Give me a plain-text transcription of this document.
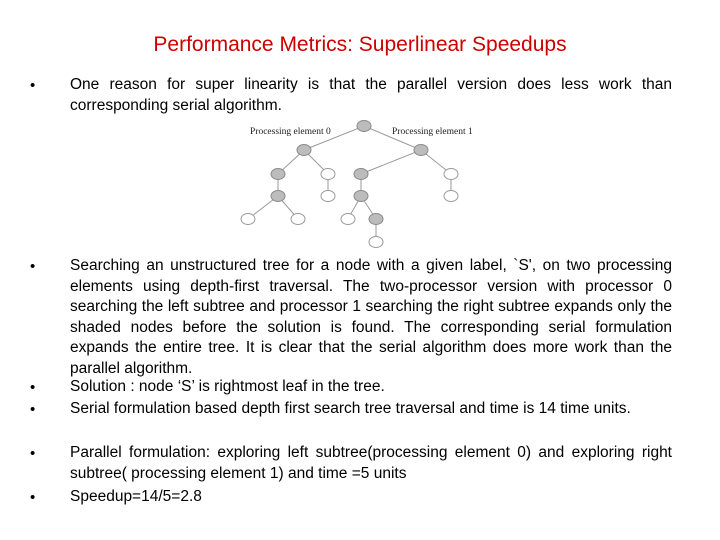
Performance Metrics: Superlinear Speedups
• One reason for super linearity is that the parallel version does less work than corresponding serial algorithm.
Processing element 0	Processing element 1
• Searching an unstructured tree for a node with a given label, `S', on two processing elements using depth-first traversal. The two-processor version with processor 0 searching the left subtree and processor 1 searching the right subtree expands only the shaded nodes before the solution is found. The corresponding serial formulation expands the entire tree. It is clear that the serial algorithm does more work than the parallel algorithm.
• Solution : node ‘S’ is rightmost leaf in the tree.
• Serial formulation based depth first search tree traversal and time is 14 time units.
• Parallel formulation: exploring left subtree(processing element 0) and exploring right subtree( processing element 1) and time =5 units
• Speedup=14/5=2.8
